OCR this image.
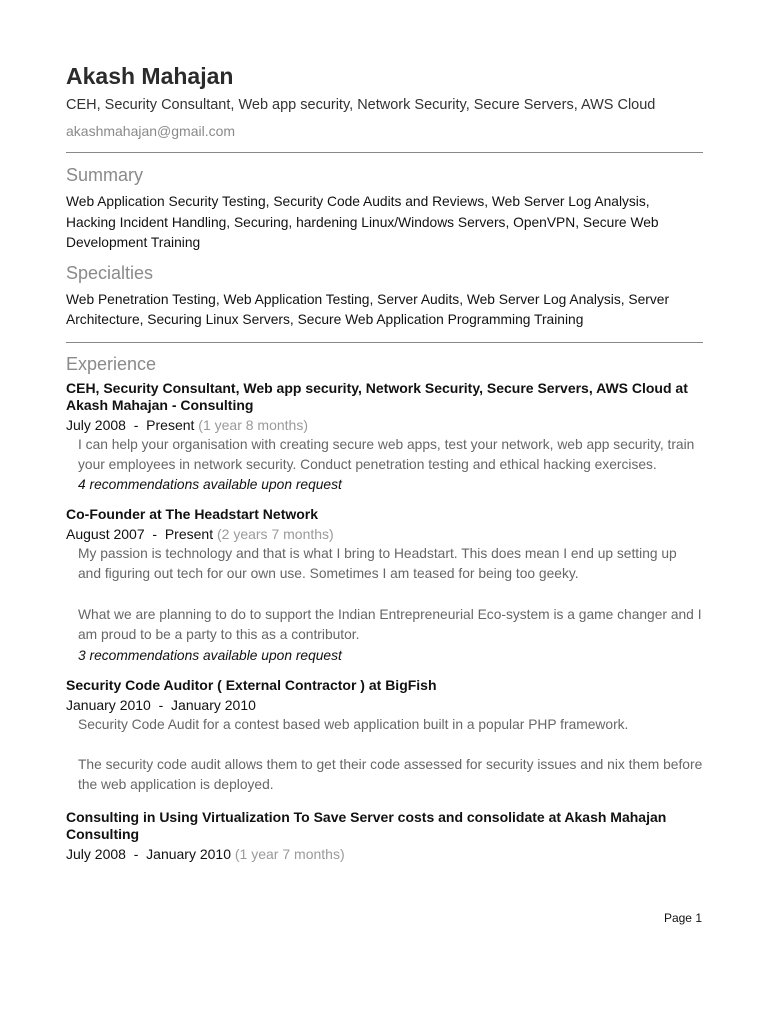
Akash Mahajan
CEH, Security Consultant, Web app security, Network Security, Secure Servers, AWS Cloud
akashmahajan@gmail.com
Summary
Web Application Security Testing, Security Code Audits and Reviews, Web Server Log Analysis, Hacking Incident Handling, Securing, hardening Linux/Windows Servers, OpenVPN, Secure Web Development Training
Specialties
Web Penetration Testing, Web Application Testing, Server Audits, Web Server Log Analysis, Server Architecture, Securing Linux Servers, Secure Web Application Programming Training
Experience
CEH, Security Consultant, Web app security, Network Security, Secure Servers, AWS Cloud at Akash Mahajan - Consulting
July 2008  -  Present (1 year 8 months)

I can help your organisation with creating secure web apps, test your network, web app security, train your employees in network security. Conduct penetration testing and ethical hacking exercises.

4 recommendations available upon request
Co-Founder at The Headstart Network
August 2007  -  Present (2 years 7 months)

My passion is technology and that is what I bring to Headstart. This does mean I end up setting up and figuring out tech for our own use. Sometimes I am teased for being too geeky.

What we are planning to do to support the Indian Entrepreneurial Eco-system is a game changer and I am proud to be a party to this as a contributor.

3 recommendations available upon request
Security Code Auditor ( External Contractor ) at BigFish
January 2010  -  January 2010

Security Code Audit for a contest based web application built in a popular PHP framework.

The security code audit allows them to get their code assessed for security issues and nix them before the web application is deployed.

Consulting in Using Virtualization To Save Server costs and consolidate at Akash Mahajan Consulting
July 2008  -  January 2010 (1 year 7 months)
Page 1
